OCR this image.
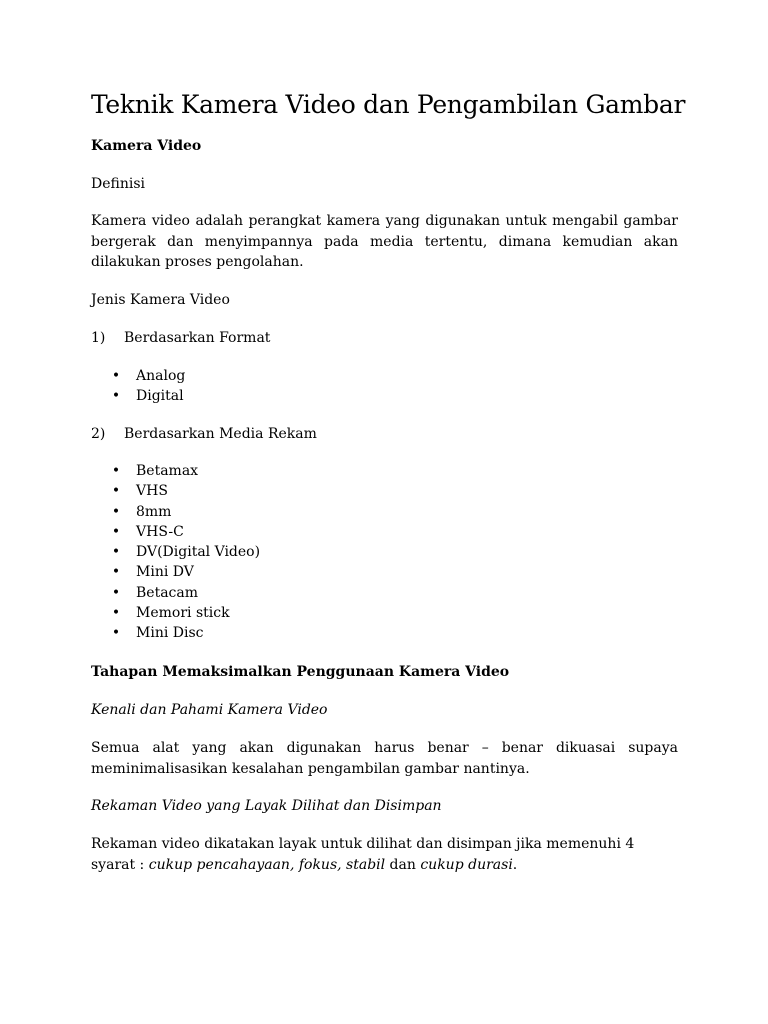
Teknik Kamera Video dan Pengambilan Gambar

Kamera Video

Definisi

Kamera video adalah perangkat kamera yang digunakan untuk mengabil gambar bergerak dan menyimpannya pada media tertentu, dimana kemudian akan dilakukan proses pengolahan.

Jenis Kamera Video

1) Berdasarkan Format
• Analog
• Digital
2) Berdasarkan Media Rekam
• Betamax
• VHS
• 8mm
• VHS-C
• DV(Digital Video)
• Mini DV
• Betacam
• Memori stick
• Mini Disc

Tahapan Memaksimalkan Penggunaan Kamera Video

Kenali dan Pahami Kamera Video

Semua alat yang akan digunakan harus benar – benar dikuasai supaya meminimalisasikan kesalahan pengambilan gambar nantinya.

Rekaman Video yang Layak Dilihat dan Disimpan

Rekaman video dikatakan layak untuk dilihat dan disimpan jika memenuhi 4 syarat : cukup pencahayaan, fokus, stabil dan cukup durasi.
